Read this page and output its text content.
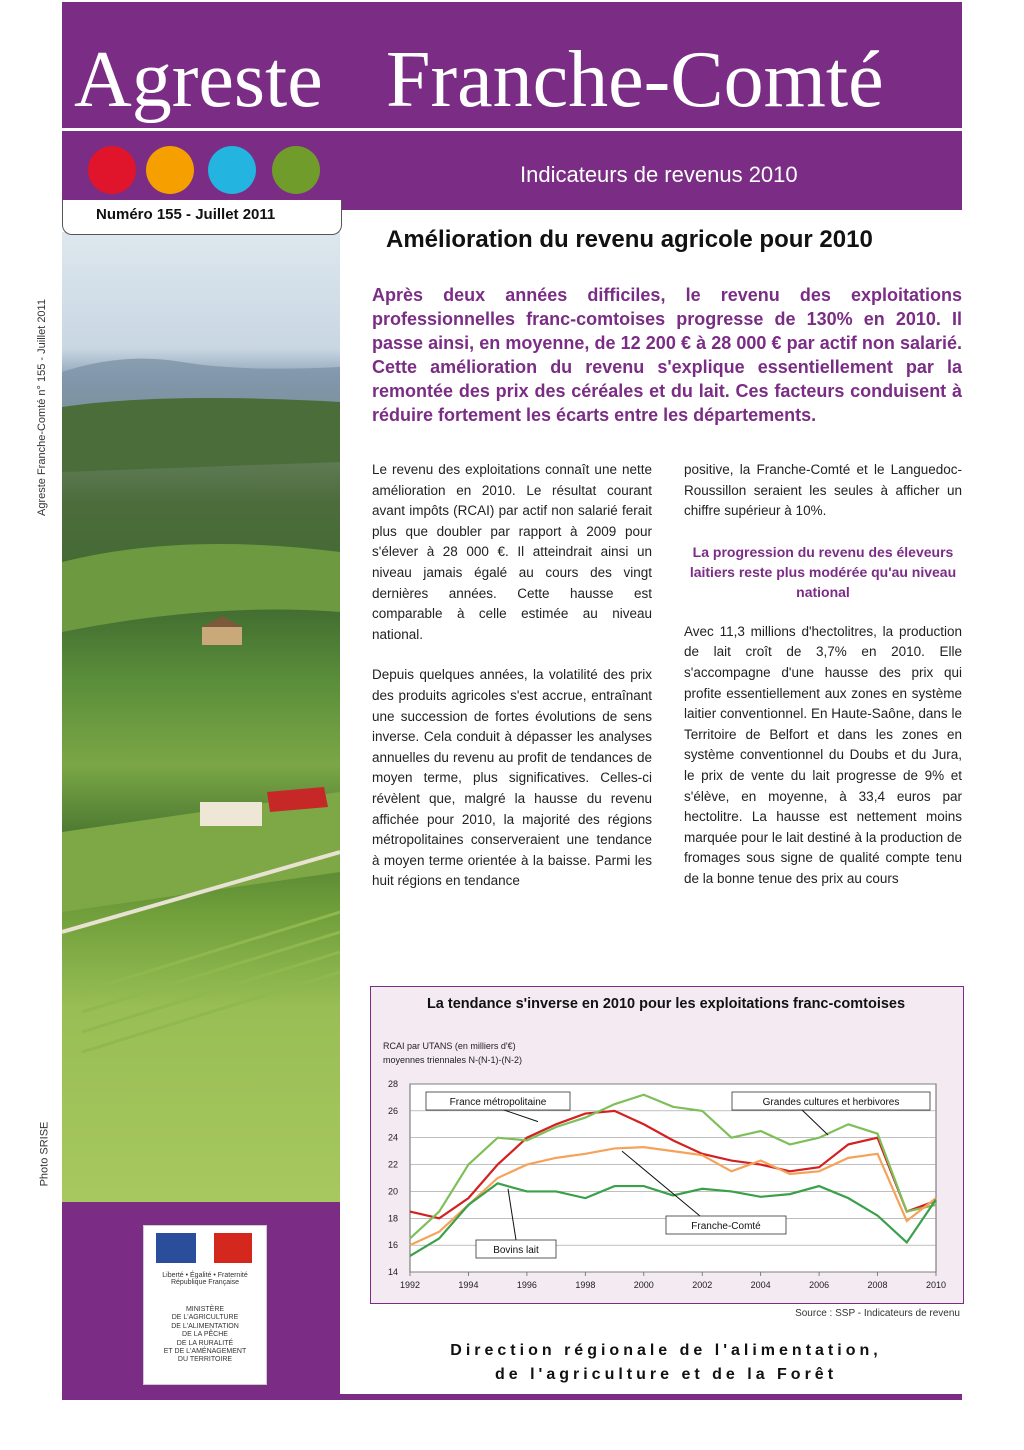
Agreste Franche-Comté
Indicateurs de revenus 2010
Agreste Franche-Comté n° 155 - Juillet 2011
Photo SRISE
Numéro 155 - Juillet 2011
Liberté • Égalité • Fraternité
République Française
MINISTÈRE
DE L'AGRICULTURE
DE L'ALIMENTATION
DE LA PÊCHE
DE LA RURALITÉ
ET DE L'AMÉNAGEMENT
DU TERRITOIRE
Amélioration du revenu agricole pour 2010
Après deux années difficiles, le revenu des exploitations professionnelles franc-comtoises progresse de 130% en 2010. Il passe ainsi, en moyenne, de 12 200 € à 28 000 € par actif non salarié. Cette amélioration du revenu s'explique essentiellement par la remontée des prix des céréales et du lait. Ces facteurs conduisent à réduire fortement les écarts entre les départements.

Le revenu des exploitations connaît une nette amélioration en 2010. Le résultat courant avant impôts (RCAI) par actif non salarié ferait plus que doubler par rapport à 2009 pour s'élever à 28 000 €. Il atteindrait ainsi un niveau jamais égalé au cours des vingt dernières années. Cette hausse est comparable à celle estimée au niveau national.

Depuis quelques années, la volatilité des prix des produits agricoles s'est accrue, entraînant une succession de fortes évolutions de sens inverse. Cela conduit à dépasser les analyses annuelles du revenu au profit de tendances de moyen terme, plus significatives. Celles-ci révèlent que, malgré la hausse du revenu affichée pour 2010, la majorité des régions métropolitaines conserveraient une tendance à moyen terme orientée à la baisse. Parmi les huit régions en tendance

positive, la Franche-Comté et le Languedoc-Roussillon seraient les seules à afficher un chiffre supérieur à 10%.

La progression du revenu des éleveurs laitiers reste plus modérée qu'au niveau national

Avec 11,3 millions d'hectolitres, la production de lait croît de 3,7% en 2010. Elle s'accompagne d'une hausse des prix qui profite essentiellement aux zones en système laitier conventionnel. En Haute-Saône, dans le Territoire de Belfort et dans les zones en système conventionnel du Doubs et du Jura, le prix de vente du lait progresse de 9% et s'élève, en moyenne, à 33,4 euros par hectolitre. La hausse est nettement moins marquée pour le lait destiné à la production de fromages sous signe de qualité compte tenu de la bonne tenue des prix au cours

La tendance s'inverse en 2010 pour les exploitations franc-comtoises
RCAI par UTANS (en milliers d'€)
moyennes triennales N-(N-1)-(N-2)
14
16
18
20
22
24
26
28
1992	1994	1996	1998	2000	2002	2004	2006	2008	2010
France métropolitaine	Grandes cultures et herbivores
Franche-Comté
Bovins lait
Source : SSP - Indicateurs de revenu
Direction régionale de l'alimentation,
de l'agriculture et de la Forêt
